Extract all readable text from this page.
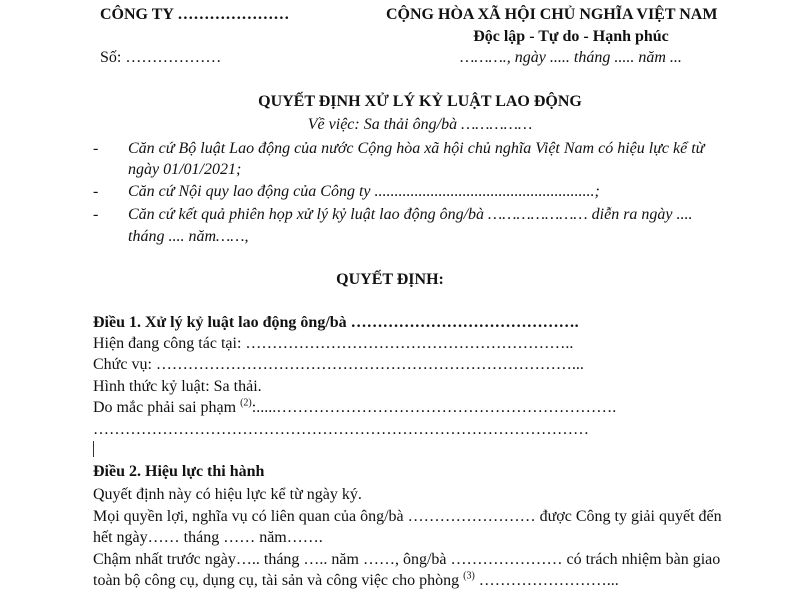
CÔNG TY …………………
Số: ………………
CỘNG HÒA XÃ HỘI CHỦ NGHĨA VIỆT NAM
Độc lập - Tự do - Hạnh phúc
………., ngày ..... tháng ..... năm ...
QUYẾT ĐỊNH XỬ LÝ KỶ LUẬT LAO ĐỘNG
Về việc: Sa thải ông/bà ……………
- Căn cứ Bộ luật Lao động của nước Cộng hòa xã hội chủ nghĩa Việt Nam có hiệu lực kể từ
ngày 01/01/2021;
- Căn cứ Nội quy lao động của Công ty .......................................................;
- Căn cứ kết quả phiên họp xử lý kỷ luật lao động ông/bà ………………… diễn ra ngày ....
tháng .... năm……,
QUYẾT ĐỊNH:
Điều 1. Xử lý kỷ luật lao động ông/bà …………………………………….
Hiện đang công tác tại: ……………………………………………………..
Chức vụ: ……………………………………………………………………...
Hình thức kỷ luật: Sa thải.
Do mắc phải sai phạm $^{(2)}$:.....……………………………………………………….
…………………………………………………………………………………
Điều 2. Hiệu lực thi hành
Quyết định này có hiệu lực kể từ ngày ký.
Mọi quyền lợi, nghĩa vụ có liên quan của ông/bà …………………… được Công ty giải quyết đến
hết ngày…… tháng …… năm…….
Chậm nhất trước ngày….. tháng ….. năm ……, ông/bà ………………… có trách nhiệm bàn giao
toàn bộ công cụ, dụng cụ, tài sản và công việc cho phòng $^{(3)}$ ……………………...
